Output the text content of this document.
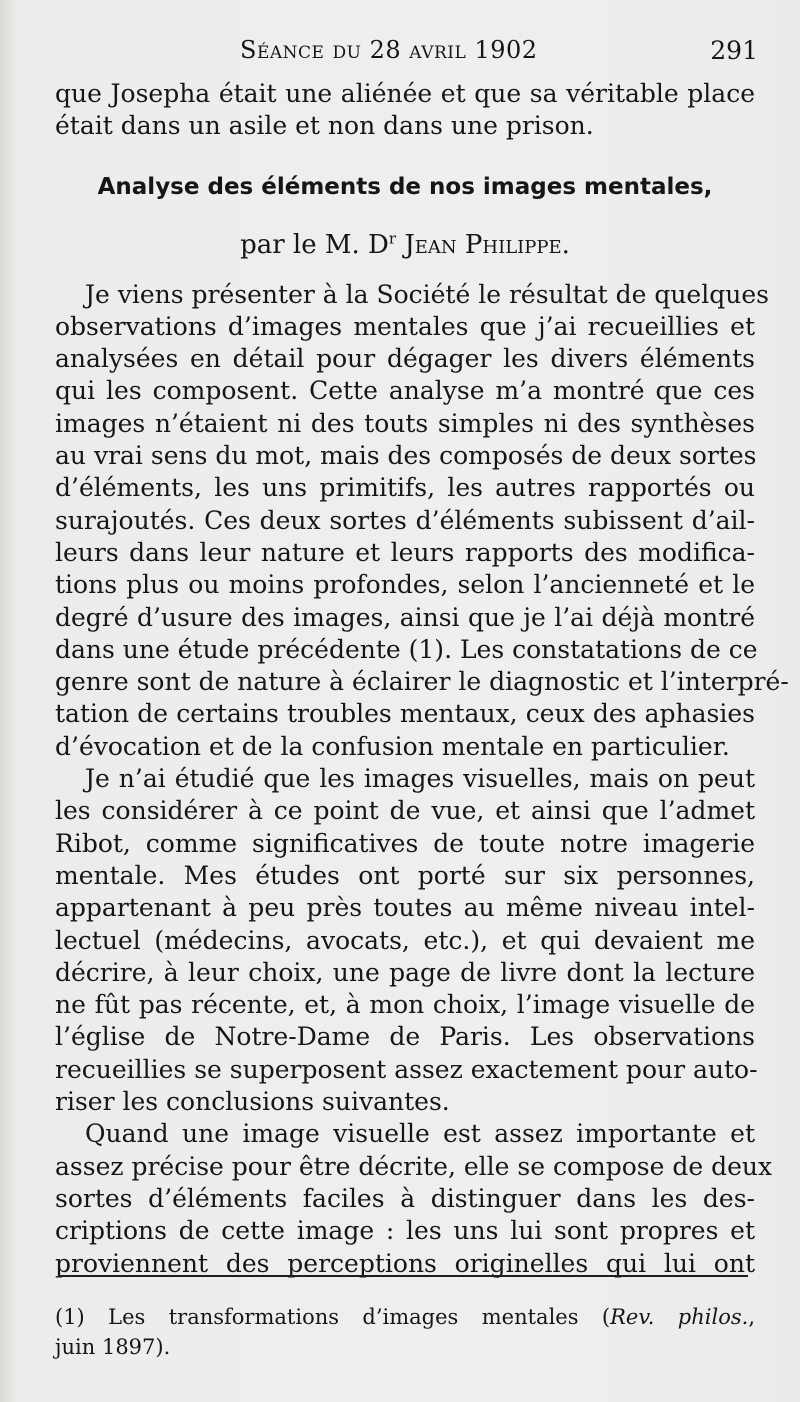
Séance du 28 avril 1902	291
que Josepha était une aliénée et que sa véritable place
était dans un asile et non dans une prison.
Analyse des éléments de nos images mentales,
par le M. $D^r$ Jean Philippe.
Je viens présenter à la Société le résultat de quelques
observations d’images mentales que j’ai recueillies et
analysées en détail pour dégager les divers éléments
qui les composent. Cette analyse m’a montré que ces
images n’étaient ni des touts simples ni des synthèses
au vrai sens du mot, mais des composés de deux sortes
d’éléments, les uns primitifs, les autres rapportés ou
surajoutés. Ces deux sortes d’éléments subissent d’ail-
leurs dans leur nature et leurs rapports des modifica-
tions plus ou moins profondes, selon l’ancienneté et le
degré d’usure des images, ainsi que je l’ai déjà montré
dans une étude précédente (1). Les constatations de ce
genre sont de nature à éclairer le diagnostic et l’interpré-
tation de certains troubles mentaux, ceux des aphasies
d’évocation et de la confusion mentale en particulier.
Je n’ai étudié que les images visuelles, mais on peut
les considérer à ce point de vue, et ainsi que l’admet
Ribot, comme significatives de toute notre imagerie
mentale. Mes études ont porté sur six personnes,
appartenant à peu près toutes au même niveau intel-
lectuel (médecins, avocats, etc.), et qui devaient me
décrire, à leur choix, une page de livre dont la lecture
ne fût pas récente, et, à mon choix, l’image visuelle de
l’église de Notre-Dame de Paris. Les observations
recueillies se superposent assez exactement pour auto-
riser les conclusions suivantes.
Quand une image visuelle est assez importante et
assez précise pour être décrite, elle se compose de deux
sortes d’éléments faciles à distinguer dans les des-
criptions de cette image : les uns lui sont propres et
proviennent des perceptions originelles qui lui ont
(1) Les transformations d’images mentales (Rev. philos.,
juin 1897).
